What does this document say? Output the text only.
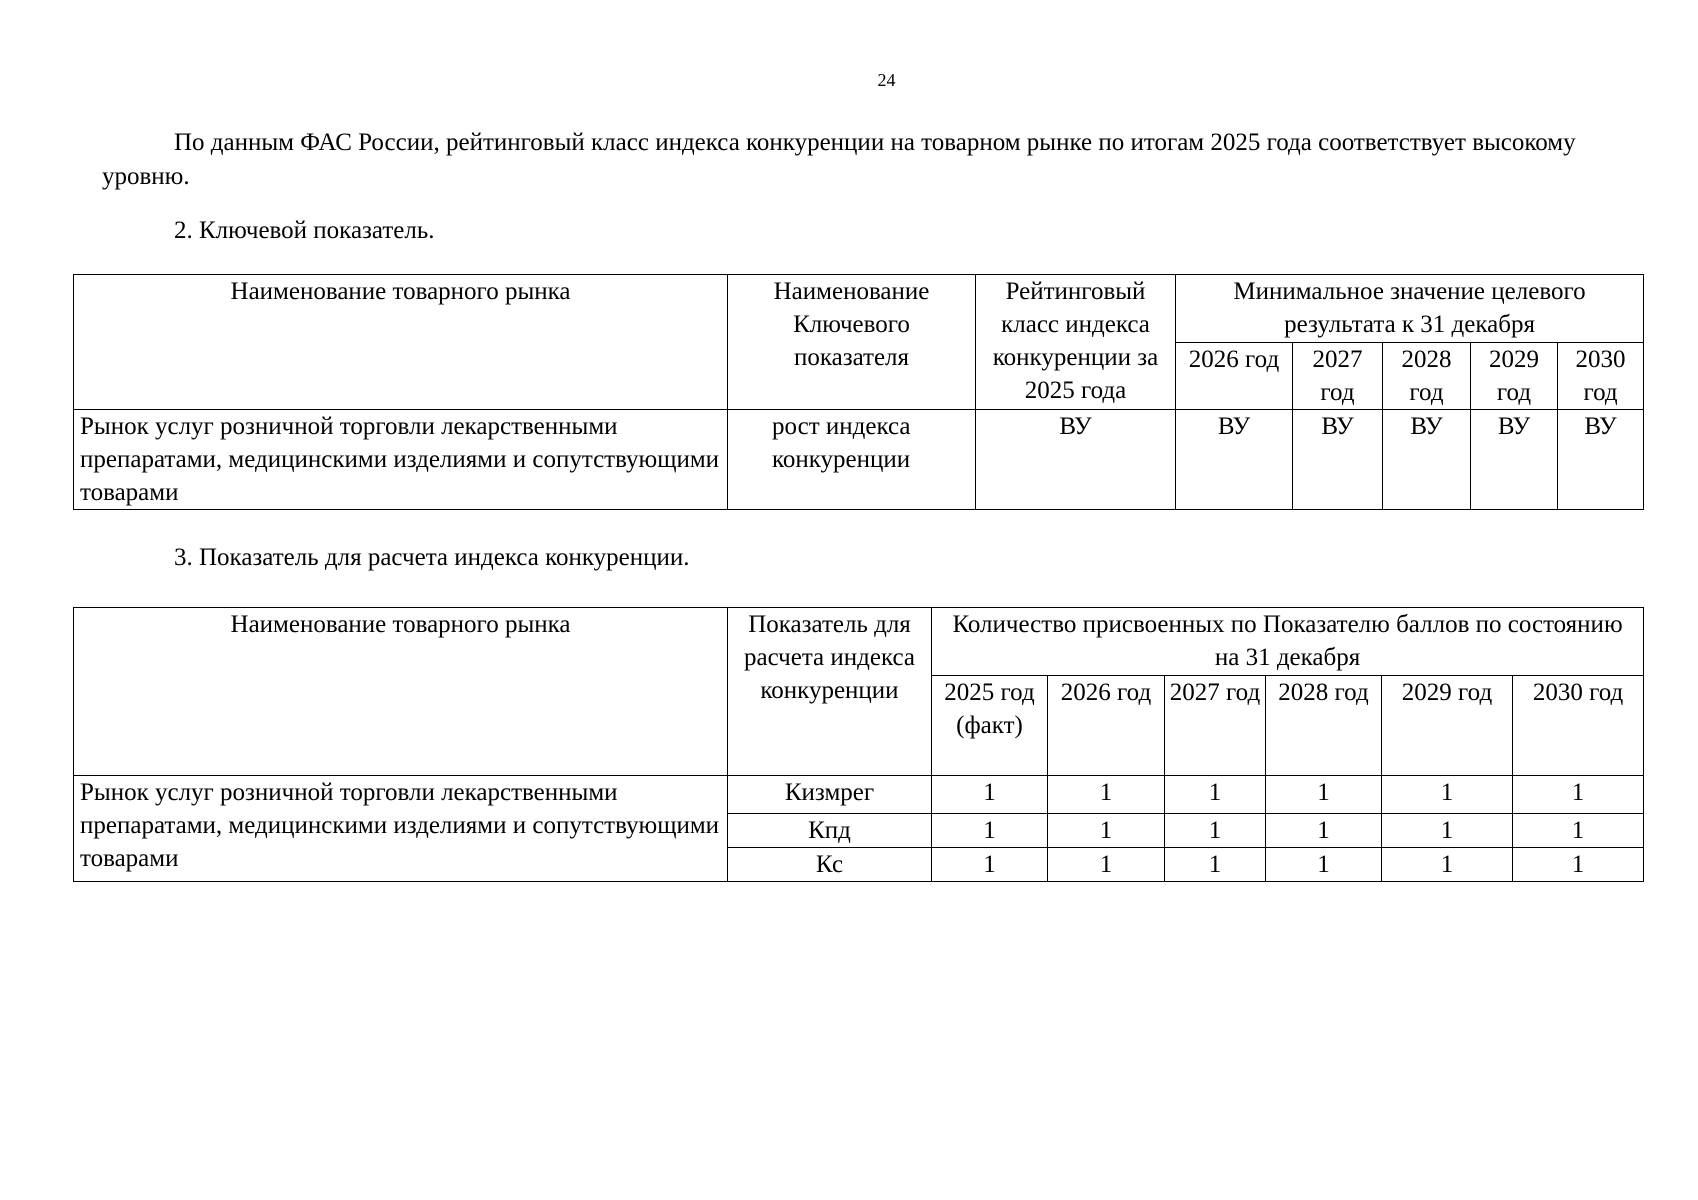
24

По данным ФАС России, рейтинговый класс индекса конкуренции на товарном рынке по итогам 2025 года соответствует высокому уровню.

2. Ключевой показатель.

Наименование товарного рынка	Наименование Ключевого показателя	Рейтинговый класс индекса конкуренции за 2025 года	Минимальное значение целевого результата к 31 декабря				
			2026 год	2027 год	2028 год	2029 год	2030 год
Рынок услуг розничной торговли лекарственными препаратами, медицинскими изделиями и сопутствующими товарами	рост индекса конкуренции	ВУ	ВУ	ВУ	ВУ	ВУ	ВУ

3. Показатель для расчета индекса конкуренции.

Наименование товарного рынка	Показатель для расчета индекса конкуренции	Количество присвоенных по Показателю баллов по состоянию на 31 декабря					
		2025 год (факт)	2026 год	2027 год	2028 год	2029 год	2030 год
Рынок услуг розничной торговли лекарственными препаратами, медицинскими изделиями и сопутствующими товарами	Кизмрег	1	1	1	1	1	1
	Кпд	1	1	1	1	1	1
	Кс	1	1	1	1	1	1
